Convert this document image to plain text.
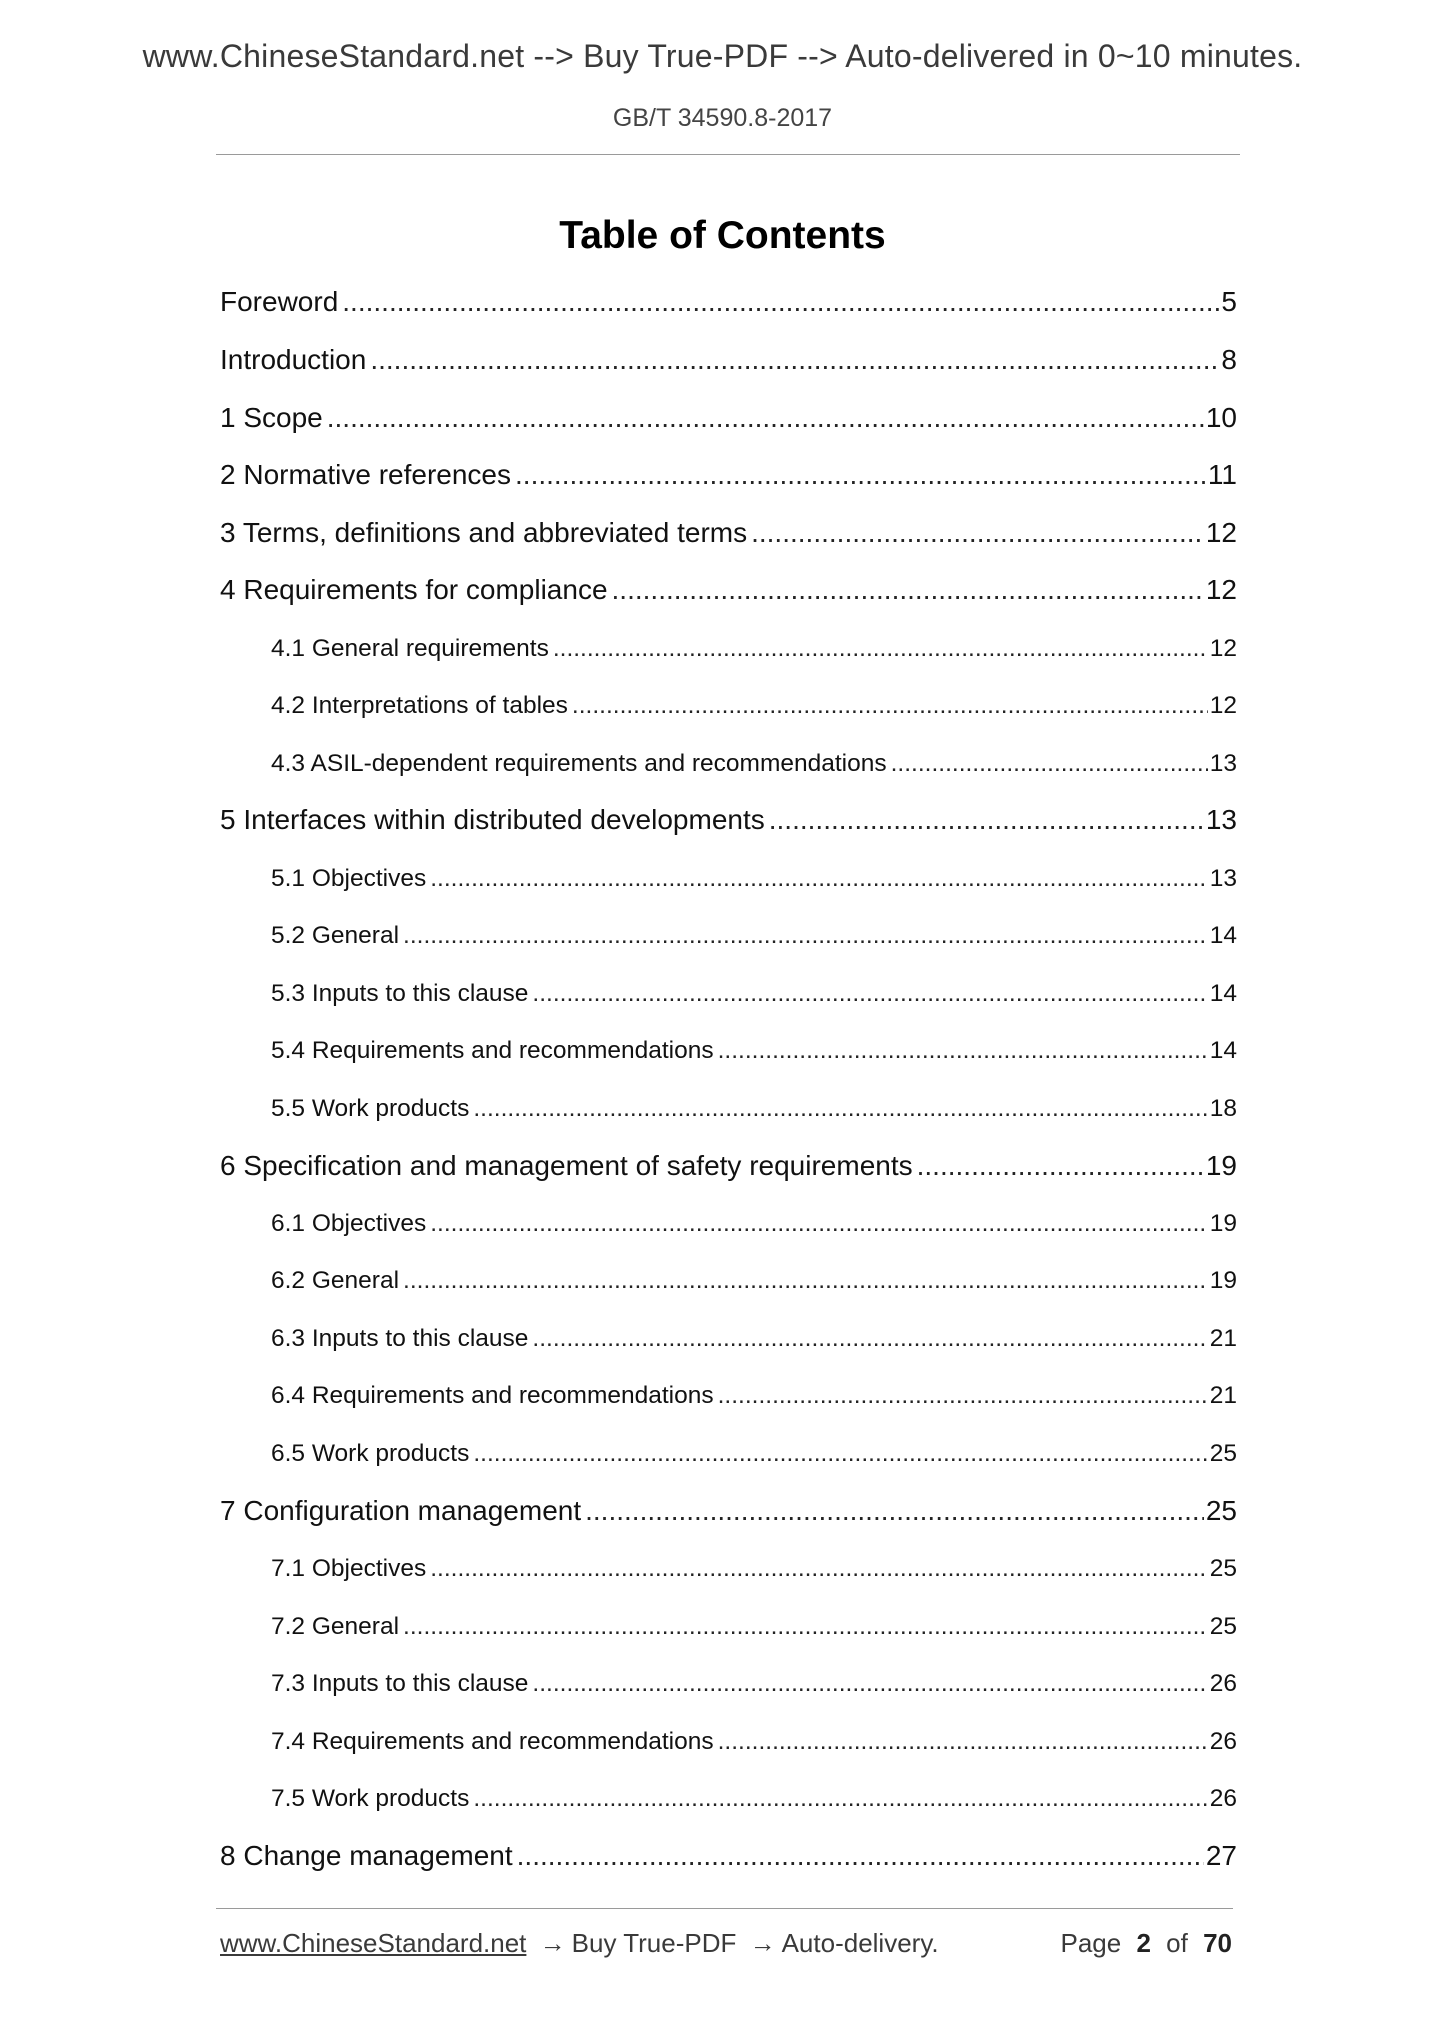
www.ChineseStandard.net --> Buy True-PDF --> Auto-delivered in 0~10 minutes.
GB/T 34590.8-2017
Table of Contents
Foreword .....	5
Introduction .....	8
1 Scope .....	10
2 Normative references .....	11
3 Terms, definitions and abbreviated terms .....	12
4 Requirements for compliance .....	12
4.1 General requirements .....	12
4.2 Interpretations of tables .....	12
4.3 ASIL-dependent requirements and recommendations .....	13
5 Interfaces within distributed developments .....	13
5.1 Objectives .....	13
5.2 General .....	14
5.3 Inputs to this clause .....	14
5.4 Requirements and recommendations .....	14
5.5 Work products .....	18
6 Specification and management of safety requirements .....	19
6.1 Objectives .....	19
6.2 General .....	19
6.3 Inputs to this clause .....	21
6.4 Requirements and recommendations .....	21
6.5 Work products .....	25
7 Configuration management .....	25
7.1 Objectives .....	25
7.2 General .....	25
7.3 Inputs to this clause .....	26
7.4 Requirements and recommendations .....	26
7.5 Work products .....	26
8 Change management .....	27
www.ChineseStandard.net → Buy True-PDF → Auto-delivery.	Page 2 of 70
